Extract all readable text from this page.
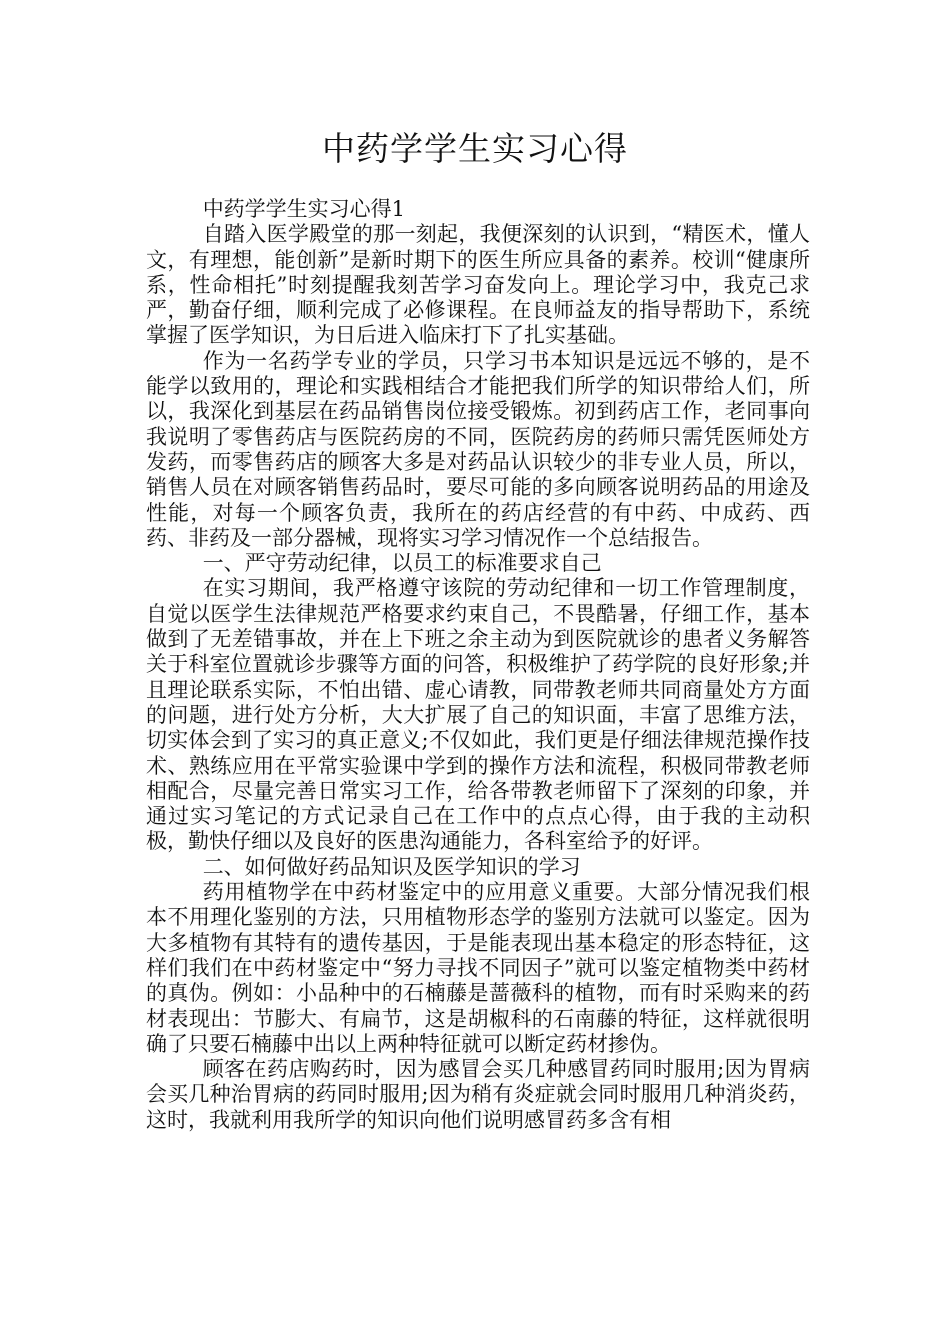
中药学学生实习心得

中药学学生实习心得1

自踏入医学殿堂的那一刻起，我便深刻的认识到，“精医术，懂人文，有理想，能创新”是新时期下的医生所应具备的素养。校训“健康所系，性命相托”时刻提醒我刻苦学习奋发向上。理论学习中，我克己求严，勤奋仔细，顺利完成了必修课程。在良师益友的指导帮助下，系统掌握了医学知识，为日后进入临床打下了扎实基础。

作为一名药学专业的学员，只学习书本知识是远远不够的，是不能学以致用的，理论和实践相结合才能把我们所学的知识带给人们，所以，我深化到基层在药品销售岗位接受锻炼。初到药店工作，老同事向我说明了零售药店与医院药房的不同，医院药房的药师只需凭医师处方发药，而零售药店的顾客大多是对药品认识较少的非专业人员，所以，销售人员在对顾客销售药品时，要尽可能的多向顾客说明药品的用途及性能，对每一个顾客负责，我所在的药店经营的有中药、中成药、西药、非药及一部分器械，现将实习学习情况作一个总结报告。

一、严守劳动纪律，以员工的标准要求自己

在实习期间，我严格遵守该院的劳动纪律和一切工作管理制度，自觉以医学生法律规范严格要求约束自己，不畏酷暑，仔细工作，基本做到了无差错事故，并在上下班之余主动为到医院就诊的患者义务解答关于科室位置就诊步骤等方面的问答，积极维护了药学院的良好形象;并且理论联系实际，不怕出错、虚心请教，同带教老师共同商量处方方面的问题，进行处方分析，大大扩展了自己的知识面，丰富了思维方法，切实体会到了实习的真正意义;不仅如此，我们更是仔细法律规范操作技术、熟练应用在平常实验课中学到的操作方法和流程，积极同带教老师相配合，尽量完善日常实习工作，给各带教老师留下了深刻的印象，并通过实习笔记的方式记录自己在工作中的点点心得，由于我的主动积极，勤快仔细以及良好的医患沟通能力，各科室给予的好评。

二、如何做好药品知识及医学知识的学习

药用植物学在中药材鉴定中的应用意义重要。大部分情况我们根本不用理化鉴别的方法，只用植物形态学的鉴别方法就可以鉴定。因为大多植物有其特有的遗传基因，于是能表现出基本稳定的形态特征，这样们我们在中药材鉴定中“努力寻找不同因子”就可以鉴定植物类中药材的真伪。例如：小品种中的石楠藤是蔷薇科的植物，而有时采购来的药材表现出：节膨大、有扁节，这是胡椒科的石南藤的特征，这样就很明确了只要石楠藤中出以上两种特征就可以断定药材掺伪。

顾客在药店购药时，因为感冒会买几种感冒药同时服用;因为胃病会买几种治胃病的药同时服用;因为稍有炎症就会同时服用几种消炎药，这时，我就利用我所学的知识向他们说明感冒药多含有相
